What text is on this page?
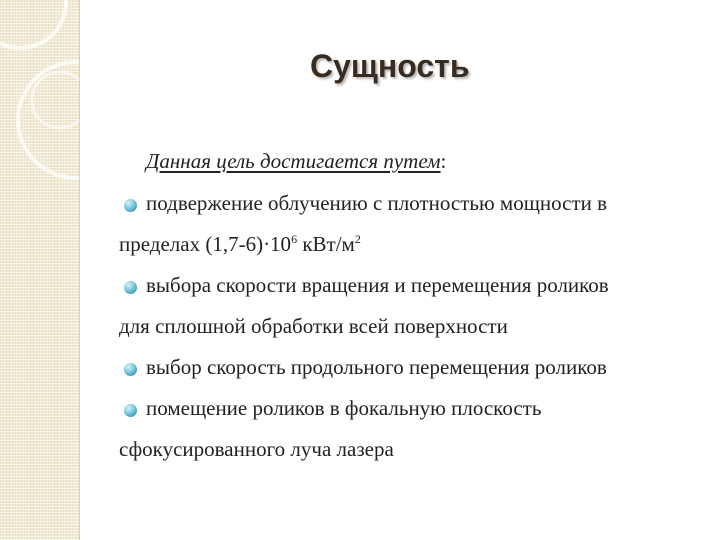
Сущность
Данная цель достигается путем:
подвержение облучению с плотностью мощности в
пределах $(1,7-6)\cdot 10^6$ кВт/$м^2$
выбора скорости вращения и перемещения роликов
для сплошной обработки всей поверхности
выбор скорость продольного перемещения роликов
помещение роликов в фокальную плоскость
сфокусированного луча лазера
